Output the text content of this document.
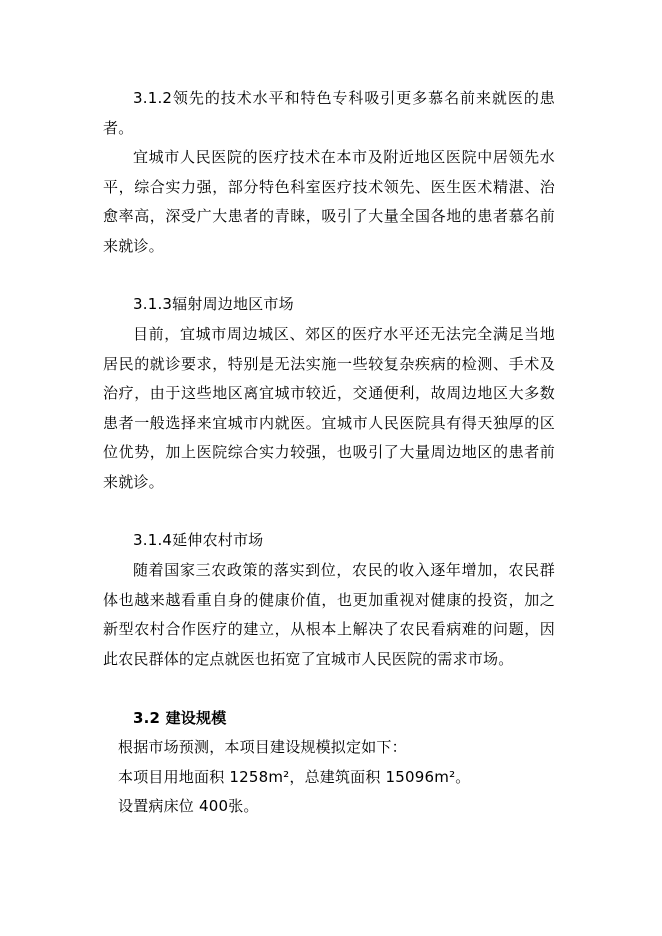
3.1.2领先的技术水平和特色专科吸引更多慕名前来就医的患者。

宜城市人民医院的医疗技术在本市及附近地区医院中居领先水平，综合实力强，部分特色科室医疗技术领先、医生医术精湛、治愈率高，深受广大患者的青睐，吸引了大量全国各地的患者慕名前来就诊。

3.1.3辐射周边地区市场

目前，宜城市周边城区、郊区的医疗水平还无法完全满足当地居民的就诊要求，特别是无法实施一些较复杂疾病的检测、手术及治疗，由于这些地区离宜城市较近，交通便利，故周边地区大多数患者一般选择来宜城市内就医。宜城市人民医院具有得天独厚的区位优势，加上医院综合实力较强，也吸引了大量周边地区的患者前来就诊。

3.1.4延伸农村市场

随着国家三农政策的落实到位，农民的收入逐年增加，农民群体也越来越看重自身的健康价值，也更加重视对健康的投资，加之新型农村合作医疗的建立，从根本上解决了农民看病难的问题，因此农民群体的定点就医也拓宽了宜城市人民医院的需求市场。

3.2 建设规模

根据市场预测，本项目建设规模拟定如下：

本项目用地面积 1258m²，总建筑面积 15096m²。

设置病床位 400张。
